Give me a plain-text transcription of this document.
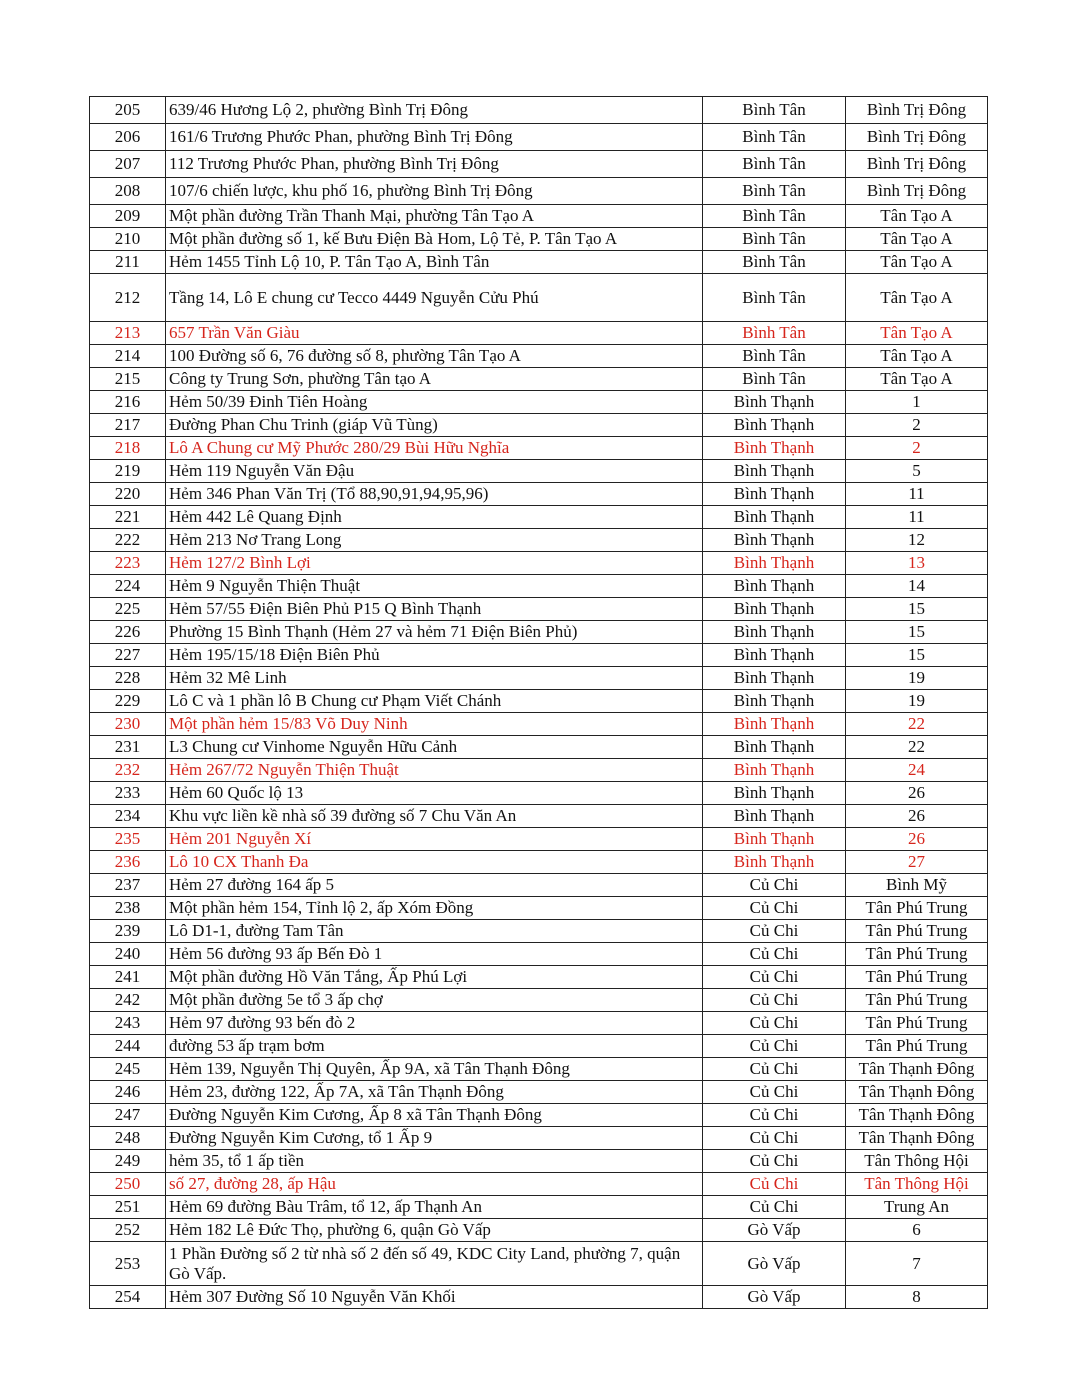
205	639/46 Hương Lộ 2, phường Bình Trị Đông	Bình Tân	Bình Trị Đông
206	161/6 Trương Phước Phan, phường Bình Trị Đông	Bình Tân	Bình Trị Đông
207	112 Trương Phước Phan, phường Bình Trị Đông	Bình Tân	Bình Trị Đông
208	107/6 chiến lược, khu phố 16, phường Bình Trị Đông	Bình Tân	Bình Trị Đông
209	Một phần đường Trần Thanh Mại, phường Tân Tạo A	Bình Tân	Tân Tạo A
210	Một phần đường số 1, kế Bưu Điện Bà Hom, Lộ Tẻ, P. Tân Tạo A	Bình Tân	Tân Tạo A
211	Hẻm 1455 Tỉnh Lộ 10, P. Tân Tạo A, Bình Tân	Bình Tân	Tân Tạo A
212	Tầng 14, Lô E chung cư Tecco 4449 Nguyễn Cửu Phú	Bình Tân	Tân Tạo A
213	657 Trần Văn Giàu	Bình Tân	Tân Tạo A
214	100 Đường số 6, 76 đường số 8, phường Tân Tạo A	Bình Tân	Tân Tạo A
215	Công ty Trung Sơn, phường Tân tạo A	Bình Tân	Tân Tạo A
216	Hẻm 50/39 Đinh Tiên Hoàng	Bình Thạnh	1
217	Đường Phan Chu Trinh (giáp Vũ Tùng)	Bình Thạnh	2
218	Lô A Chung cư Mỹ Phước 280/29 Bùi Hữu Nghĩa	Bình Thạnh	2
219	Hẻm 119 Nguyễn Văn Đậu	Bình Thạnh	5
220	Hẻm 346 Phan Văn Trị (Tổ 88,90,91,94,95,96)	Bình Thạnh	11
221	Hẻm 442 Lê Quang Định	Bình Thạnh	11
222	Hẻm 213 Nơ Trang Long	Bình Thạnh	12
223	Hẻm 127/2 Bình Lợi	Bình Thạnh	13
224	Hẻm 9 Nguyễn Thiện Thuật	Bình Thạnh	14
225	Hẻm 57/55 Điện Biên Phủ P15 Q Bình Thạnh	Bình Thạnh	15
226	Phường 15 Bình Thạnh (Hẻm 27 và hẻm 71 Điện Biên Phủ)	Bình Thạnh	15
227	Hẻm 195/15/18 Điện Biên Phủ	Bình Thạnh	15
228	Hẻm 32 Mê Linh	Bình Thạnh	19
229	Lô C và 1 phần lô B Chung cư Phạm Viết Chánh	Bình Thạnh	19
230	Một phần hẻm 15/83 Võ Duy Ninh	Bình Thạnh	22
231	L3 Chung cư Vinhome Nguyễn Hữu Cảnh	Bình Thạnh	22
232	Hẻm 267/72 Nguyễn Thiện Thuật	Bình Thạnh	24
233	Hẻm 60 Quốc lộ 13	Bình Thạnh	26
234	Khu vực liền kề nhà số 39 đường số 7 Chu Văn An	Bình Thạnh	26
235	Hẻm 201 Nguyễn Xí	Bình Thạnh	26
236	Lô 10 CX Thanh Đa	Bình Thạnh	27
237	Hẻm 27 đường 164 ấp 5	Củ Chi	Bình Mỹ
238	Một phần hẻm 154, Tỉnh lộ 2, ấp Xóm Đồng	Củ Chi	Tân Phú Trung
239	Lô D1-1, đường Tam Tân	Củ Chi	Tân Phú Trung
240	Hẻm 56 đường 93 ấp Bến Đò 1	Củ Chi	Tân Phú Trung
241	Một phần đường Hồ Văn Tắng, Ấp Phú Lợi	Củ Chi	Tân Phú Trung
242	Một phần đường 5e tổ 3 ấp chợ	Củ Chi	Tân Phú Trung
243	Hẻm 97 đường 93 bến đò 2	Củ Chi	Tân Phú Trung
244	đường 53 ấp trạm bơm	Củ Chi	Tân Phú Trung
245	Hẻm 139, Nguyễn Thị Quyên, Ấp 9A, xã Tân Thạnh Đông	Củ Chi	Tân Thạnh Đông
246	Hẻm 23, đường 122, Ấp 7A, xã Tân Thạnh Đông	Củ Chi	Tân Thạnh Đông
247	Đường Nguyễn Kim Cương, Ấp 8 xã Tân Thạnh Đông	Củ Chi	Tân Thạnh Đông
248	Đường Nguyễn Kim Cương, tổ 1 Ấp 9	Củ Chi	Tân Thạnh Đông
249	hẻm 35, tổ 1 ấp tiền	Củ Chi	Tân Thông Hội
250	số 27, đường 28, ấp Hậu	Củ Chi	Tân Thông Hội
251	Hẻm 69 đường Bàu Trâm, tổ 12, ấp Thạnh An	Củ Chi	Trung An
252	Hẻm 182 Lê Đức Thọ, phường 6, quận Gò Vấp	Gò Vấp	6
253	1 Phần Đường số 2 từ nhà số 2 đến số 49, KDC City Land, phường 7, quận Gò Vấp.	Gò Vấp	7
254	Hẻm 307 Đường Số 10 Nguyễn Văn Khối	Gò Vấp	8
